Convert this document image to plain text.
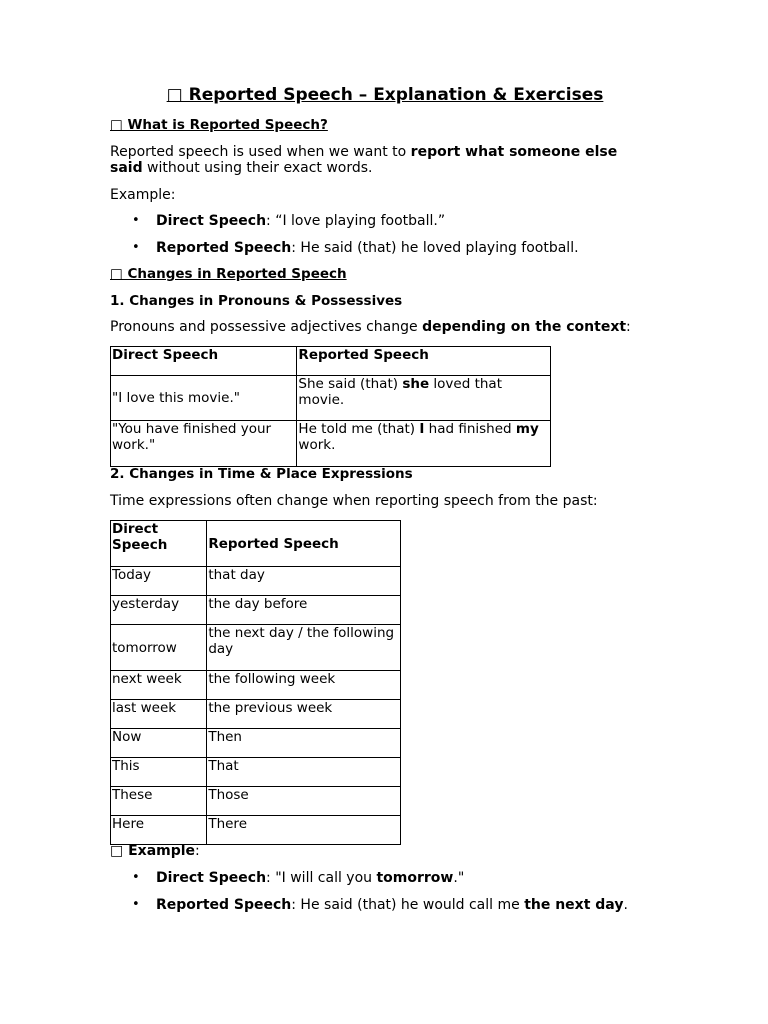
□ Reported Speech – Explanation & Exercises
□ What is Reported Speech?

Reported speech is used when we want to report what someone else said without using their exact words.

Example:

• Direct Speech: “I love playing football.”
• Reported Speech: He said (that) he loved playing football.
□ Changes in Reported Speech
1. Changes in Pronouns & Possessives

Pronouns and possessive adjectives change depending on the context:

Direct Speech	Reported Speech
"I love this movie."	She said (that) she loved that movie.
"You have finished your work."	He told me (that) I had finished my work.
2. Changes in Time & Place Expressions

Time expressions often change when reporting speech from the past:

Direct Speech	Reported Speech
Today	that day
yesterday	the day before
tomorrow	the next day / the following day
next week	the following week
last week	the previous week
Now	Then
This	That
These	Those
Here	There

□ Example:

• Direct Speech: "I will call you tomorrow."
• Reported Speech: He said (that) he would call me the next day.
